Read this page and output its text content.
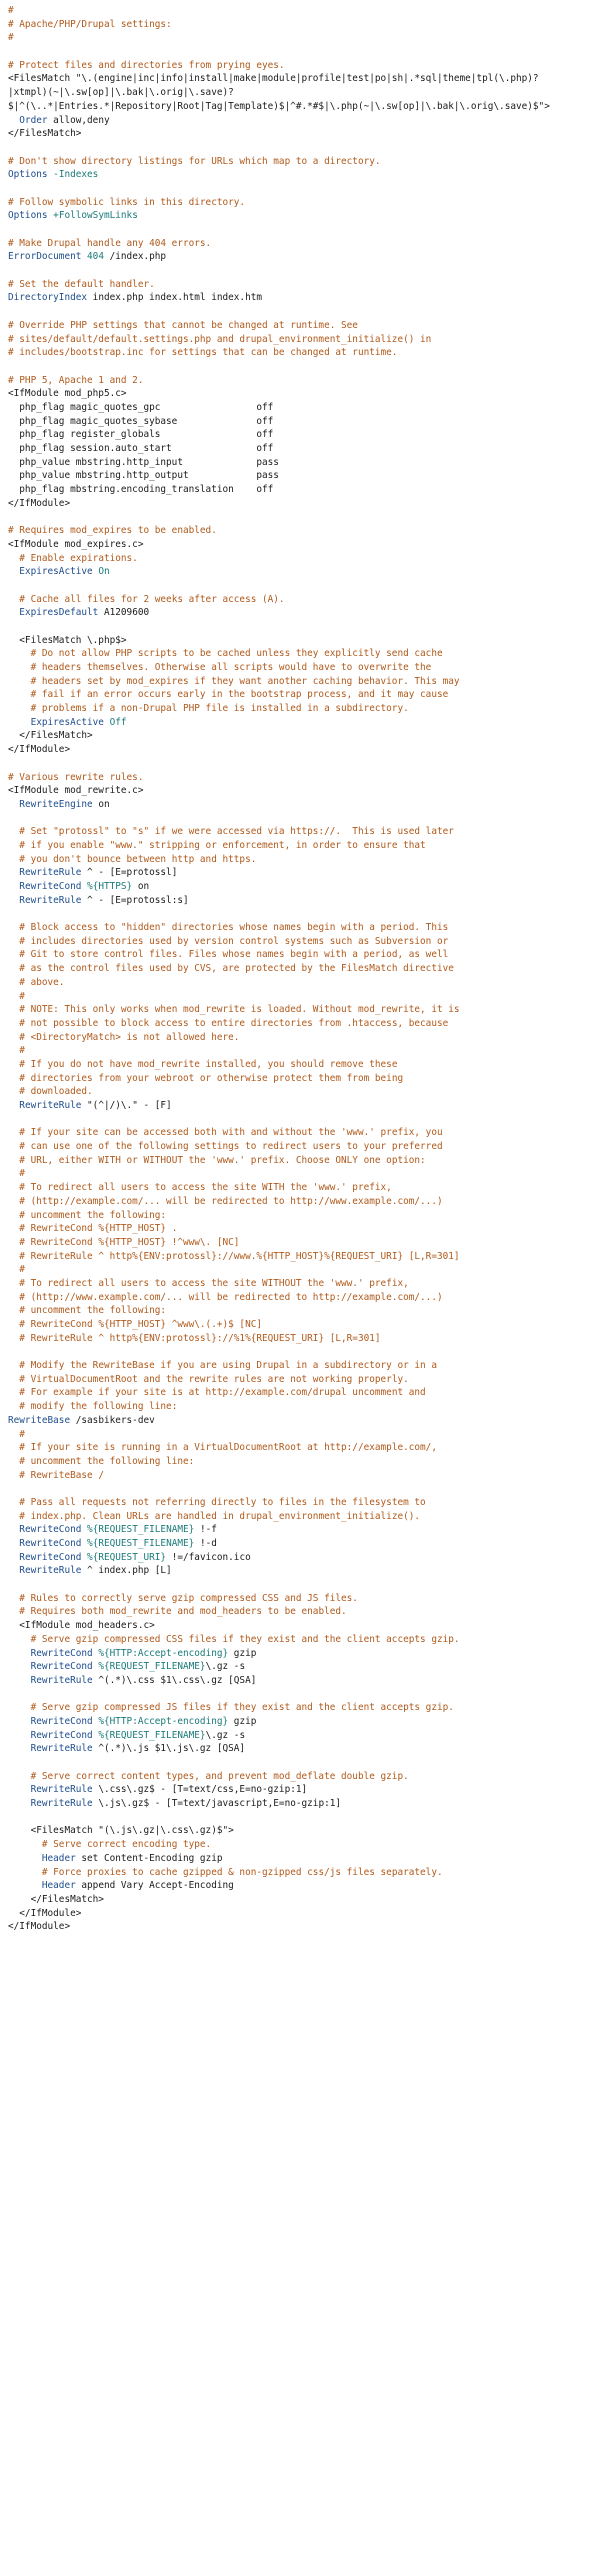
#
# Apache/PHP/Drupal settings:
#
# Protect files and directories from prying eyes.
<FilesMatch "\.(engine|inc|info|install|make|module|profile|test|po|sh|.*sql|theme|tpl(\.php)?
|xtmpl)(~|\.sw[op]|\.bak|\.orig|\.save)?
$|^(\..*|Entries.*|Repository|Root|Tag|Template)$|^#.*#$|\.php(~|\.sw[op]|\.bak|\.orig\.save)$">
Order allow,deny
</FilesMatch>
# Don't show directory listings for URLs which map to a directory.
Options -Indexes
# Follow symbolic links in this directory.
Options +FollowSymLinks
# Make Drupal handle any 404 errors.
ErrorDocument 404 /index.php
# Set the default handler.
DirectoryIndex index.php index.html index.htm
# Override PHP settings that cannot be changed at runtime. See
# sites/default/default.settings.php and drupal_environment_initialize() in
# includes/bootstrap.inc for settings that can be changed at runtime.
# PHP 5, Apache 1 and 2.
<IfModule mod_php5.c>
php_flag magic_quotes_gpc                 off
php_flag magic_quotes_sybase              off
php_flag register_globals                 off
php_flag session.auto_start               off
php_value mbstring.http_input             pass
php_value mbstring.http_output            pass
php_flag mbstring.encoding_translation    off
</IfModule>
# Requires mod_expires to be enabled.
<IfModule mod_expires.c>
# Enable expirations.
ExpiresActive On
# Cache all files for 2 weeks after access (A).
ExpiresDefault A1209600
<FilesMatch \.php$>
# Do not allow PHP scripts to be cached unless they explicitly send cache
# headers themselves. Otherwise all scripts would have to overwrite the
# headers set by mod_expires if they want another caching behavior. This may
# fail if an error occurs early in the bootstrap process, and it may cause
# problems if a non-Drupal PHP file is installed in a subdirectory.
ExpiresActive Off
</FilesMatch>
</IfModule>
# Various rewrite rules.
<IfModule mod_rewrite.c>
RewriteEngine on
# Set "protossl" to "s" if we were accessed via https://.  This is used later
# if you enable "www." stripping or enforcement, in order to ensure that
# you don't bounce between http and https.
RewriteRule ^ - [E=protossl]
RewriteCond %{HTTPS} on
RewriteRule ^ - [E=protossl:s]
# Block access to "hidden" directories whose names begin with a period. This
# includes directories used by version control systems such as Subversion or
# Git to store control files. Files whose names begin with a period, as well
# as the control files used by CVS, are protected by the FilesMatch directive
# above.
#
# NOTE: This only works when mod_rewrite is loaded. Without mod_rewrite, it is
# not possible to block access to entire directories from .htaccess, because
# <DirectoryMatch> is not allowed here.
#
# If you do not have mod_rewrite installed, you should remove these
# directories from your webroot or otherwise protect them from being
# downloaded.
RewriteRule "(^|/)\." - [F]
# If your site can be accessed both with and without the 'www.' prefix, you
# can use one of the following settings to redirect users to your preferred
# URL, either WITH or WITHOUT the 'www.' prefix. Choose ONLY one option:
#
# To redirect all users to access the site WITH the 'www.' prefix,
# (http://example.com/... will be redirected to http://www.example.com/...)
# uncomment the following:
# RewriteCond %{HTTP_HOST} .
# RewriteCond %{HTTP_HOST} !^www\. [NC]
# RewriteRule ^ http%{ENV:protossl}://www.%{HTTP_HOST}%{REQUEST_URI} [L,R=301]
#
# To redirect all users to access the site WITHOUT the 'www.' prefix,
# (http://www.example.com/... will be redirected to http://example.com/...)
# uncomment the following:
# RewriteCond %{HTTP_HOST} ^www\.(.+)$ [NC]
# RewriteRule ^ http%{ENV:protossl}://%1%{REQUEST_URI} [L,R=301]
# Modify the RewriteBase if you are using Drupal in a subdirectory or in a
# VirtualDocumentRoot and the rewrite rules are not working properly.
# For example if your site is at http://example.com/drupal uncomment and
# modify the following line:
RewriteBase /sasbikers-dev
#
# If your site is running in a VirtualDocumentRoot at http://example.com/,
# uncomment the following line:
# RewriteBase /
# Pass all requests not referring directly to files in the filesystem to
# index.php. Clean URLs are handled in drupal_environment_initialize().
RewriteCond %{REQUEST_FILENAME} !-f
RewriteCond %{REQUEST_FILENAME} !-d
RewriteCond %{REQUEST_URI} !=/favicon.ico
RewriteRule ^ index.php [L]
# Rules to correctly serve gzip compressed CSS and JS files.
# Requires both mod_rewrite and mod_headers to be enabled.
<IfModule mod_headers.c>
# Serve gzip compressed CSS files if they exist and the client accepts gzip.
RewriteCond %{HTTP:Accept-encoding} gzip
RewriteCond %{REQUEST_FILENAME}\.gz -s
RewriteRule ^(.*)\.css $1\.css\.gz [QSA]
# Serve gzip compressed JS files if they exist and the client accepts gzip.
RewriteCond %{HTTP:Accept-encoding} gzip
RewriteCond %{REQUEST_FILENAME}\.gz -s
RewriteRule ^(.*)\.js $1\.js\.gz [QSA]
# Serve correct content types, and prevent mod_deflate double gzip.
RewriteRule \.css\.gz$ - [T=text/css,E=no-gzip:1]
RewriteRule \.js\.gz$ - [T=text/javascript,E=no-gzip:1]
<FilesMatch "(\.js\.gz|\.css\.gz)$">
# Serve correct encoding type.
Header set Content-Encoding gzip
# Force proxies to cache gzipped & non-gzipped css/js files separately.
Header append Vary Accept-Encoding
</FilesMatch>
</IfModule>
</IfModule>
